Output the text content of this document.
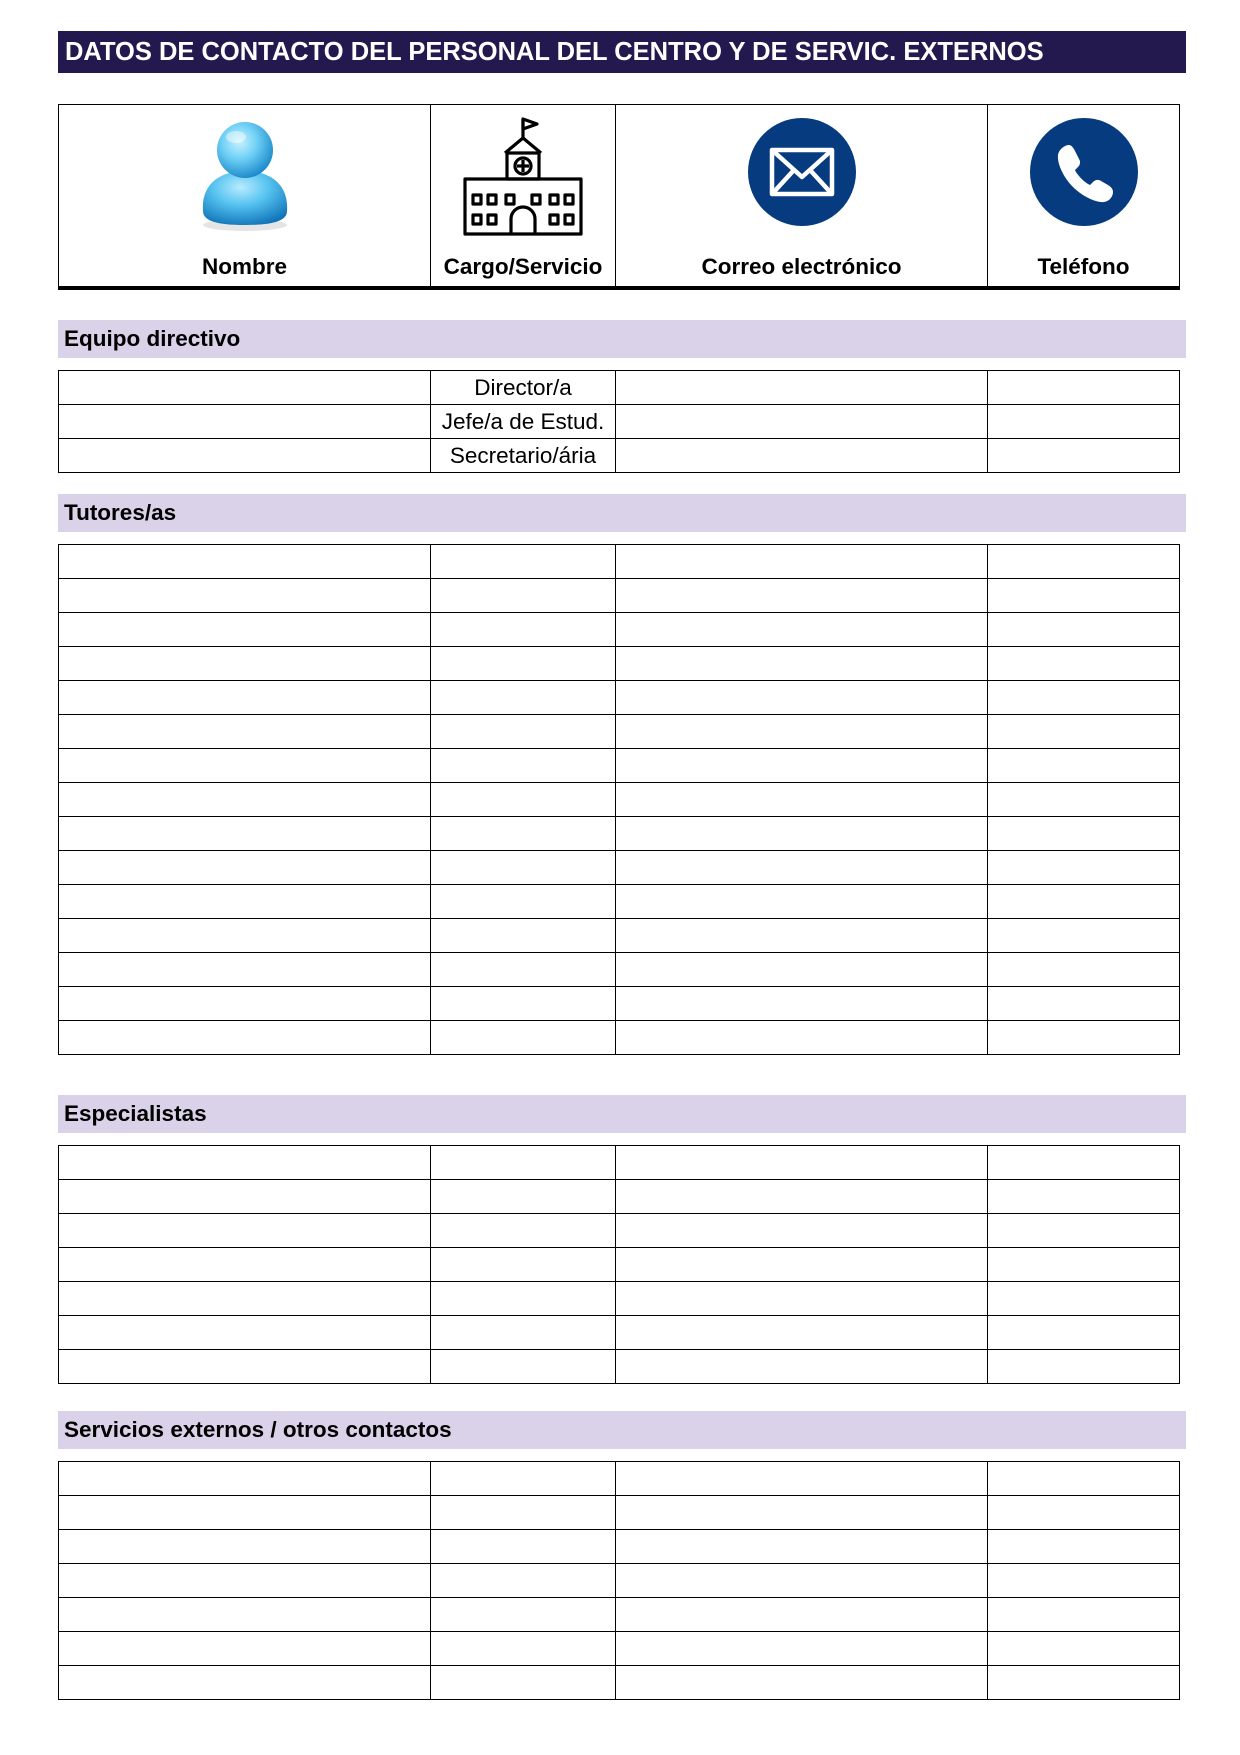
DATOS DE CONTACTO DEL PERSONAL DEL CENTRO Y DE SERVIC. EXTERNOS
Nombre	Cargo/Servicio	Correo electrónico	Teléfono
Equipo directivo
	Director/a		
	Jefe/a de Estud.		
	Secretario/ária		
Tutores/as

Especialistas

Servicios externos / otros contactos
